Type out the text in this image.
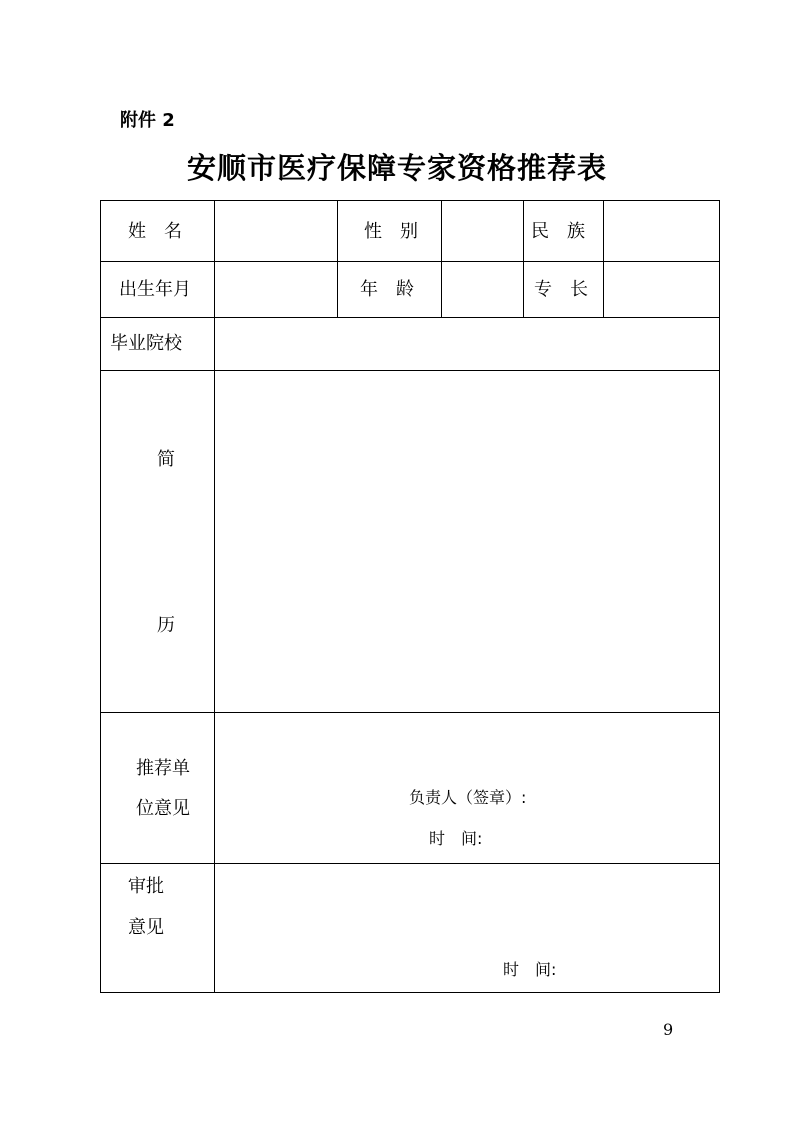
附件 2
安顺市医疗保障专家资格推荐表
姓　名	性　别	民　族
出生年月	年　龄	专　长
毕业院校
简
历
推荐单
位意见
负责人（签章）:
时　间:
审批
意见
时　间:
9
